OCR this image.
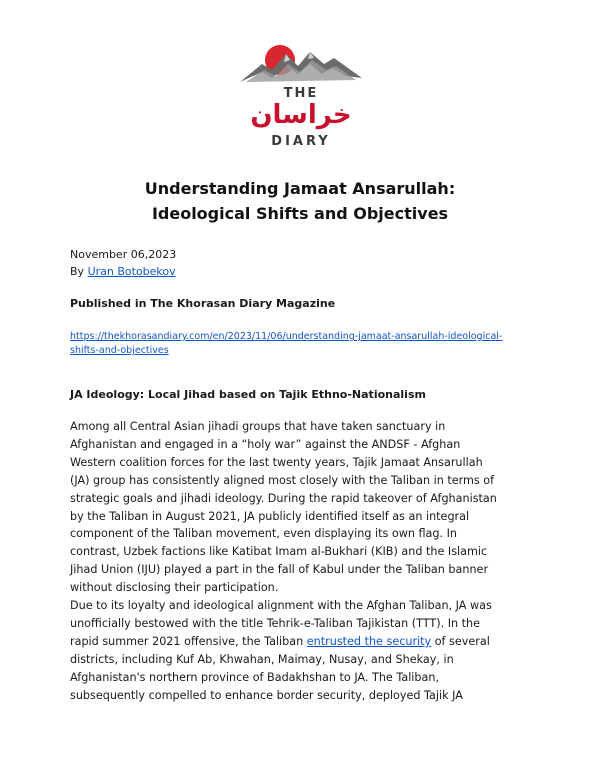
THE
خراسان
DIARY
Understanding Jamaat Ansarullah:
Ideological Shifts and Objectives
November 06,2023
By Uran Botobekov
Published in The Khorasan Diary Magazine
https://thekhorasandiary.com/en/2023/11/06/understanding-jamaat-ansarullah-ideological-
shifts-and-objectives
JA Ideology: Local Jihad based on Tajik Ethno-Nationalism

Among all Central Asian jihadi groups that have taken sanctuary in
Afghanistan and engaged in a “holy war” against the ANDSF - Afghan
Western coalition forces for the last twenty years, Tajik Jamaat Ansarullah
(JA) group has consistently aligned most closely with the Taliban in terms of
strategic goals and jihadi ideology. During the rapid takeover of Afghanistan
by the Taliban in August 2021, JA publicly identified itself as an integral
component of the Taliban movement, even displaying its own flag. In
contrast, Uzbek factions like Katibat Imam al-Bukhari (KIB) and the Islamic
Jihad Union (IJU) played a part in the fall of Kabul under the Taliban banner
without disclosing their participation.

Due to its loyalty and ideological alignment with the Afghan Taliban, JA was
unofficially bestowed with the title Tehrik-e-Taliban Tajikistan (TTT). In the
rapid summer 2021 offensive, the Taliban entrusted the security of several
districts, including Kuf Ab, Khwahan, Maimay, Nusay, and Shekay, in
Afghanistan's northern province of Badakhshan to JA. The Taliban,
subsequently compelled to enhance border security, deployed Tajik JA
